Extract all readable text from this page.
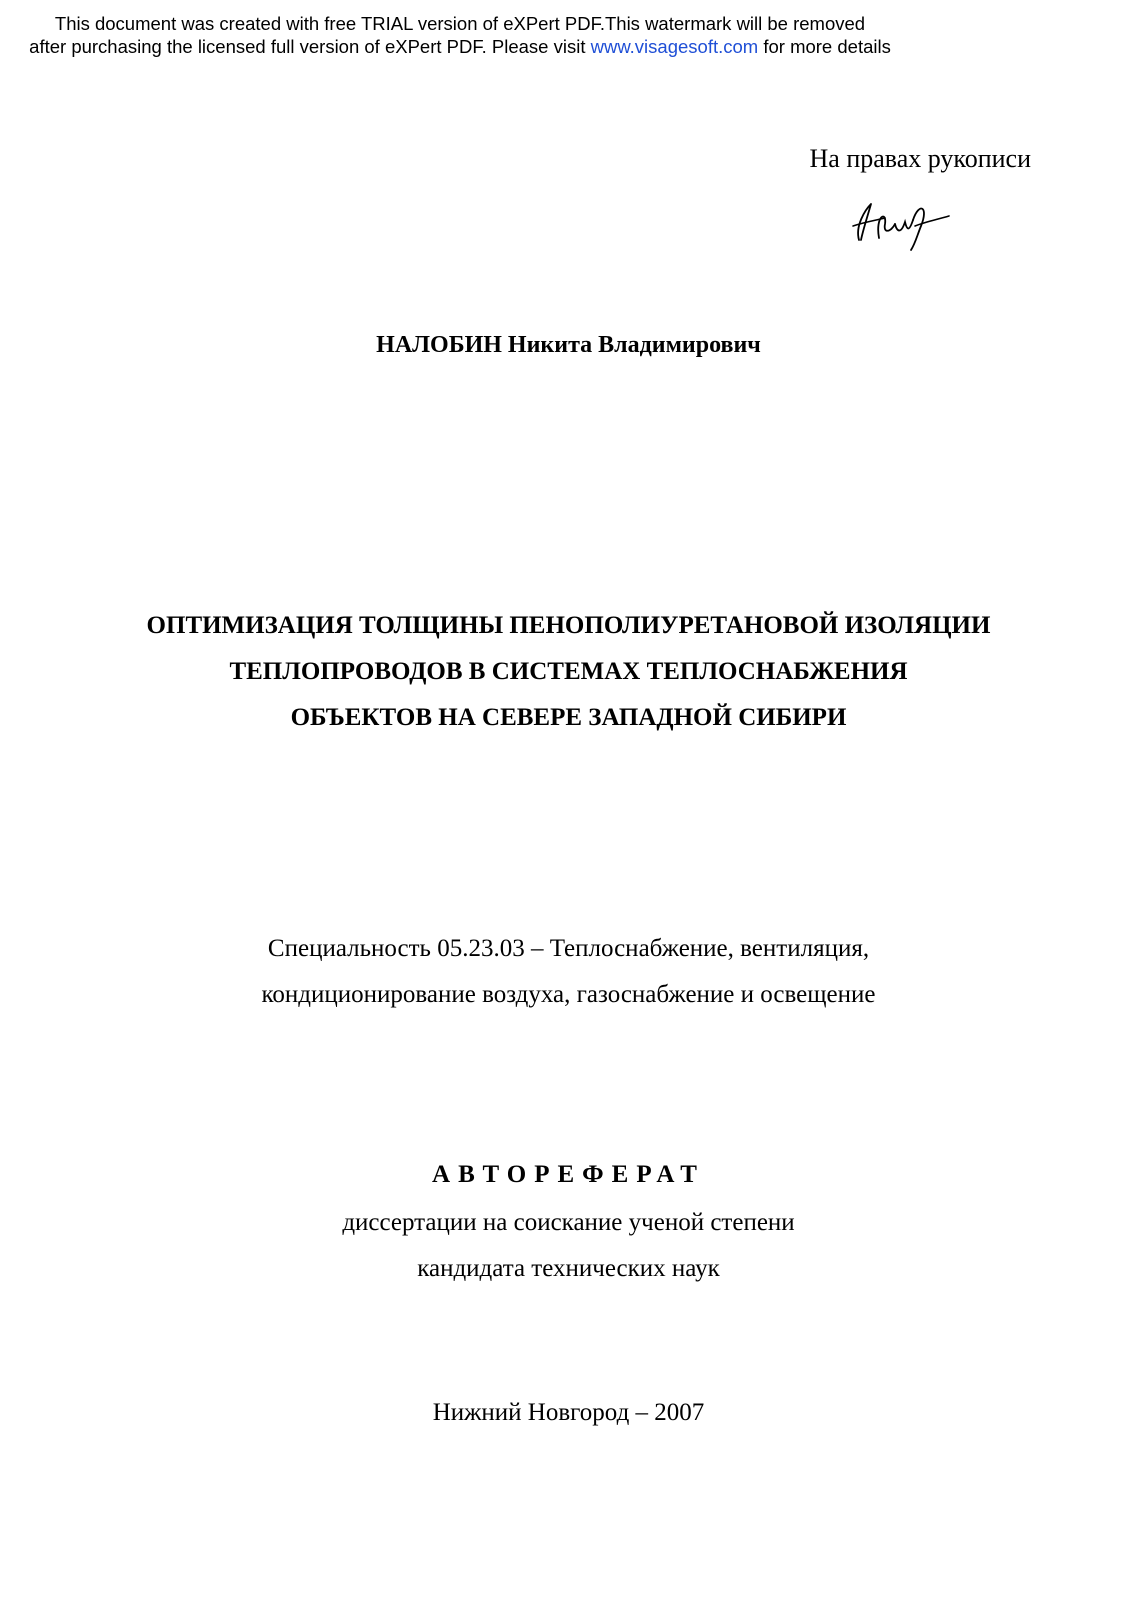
This document was created with free TRIAL version of eXPert PDF.This watermark will be removed
after purchasing the licensed full version of eXPert PDF. Please visit www.visagesoft.com for more details
На правах рукописи
НАЛОБИН Никита Владимирович
ОПТИМИЗАЦИЯ ТОЛЩИНЫ ПЕНОПОЛИУРЕТАНОВОЙ ИЗОЛЯЦИИ
ТЕПЛОПРОВОДОВ В СИСТЕМАХ ТЕПЛОСНАБЖЕНИЯ
ОБЪЕКТОВ НА СЕВЕРЕ ЗАПАДНОЙ СИБИРИ
Специальность 05.23.03 – Теплоснабжение, вентиляция,
кондиционирование воздуха, газоснабжение и освещение
АВТОРЕФЕРАТ
диссертации на соискание ученой степени
кандидата технических наук
Нижний Новгород – 2007
